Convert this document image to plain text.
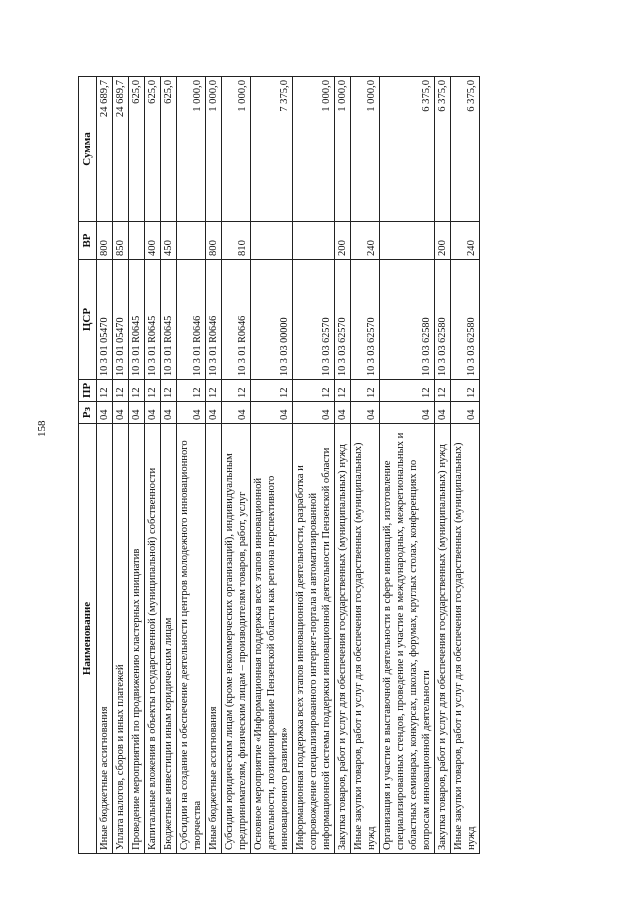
158
Наименование	Рз	ПР	ЦСР	ВР	Сумма
Иные бюджетные ассигнования	04	12	10 3 01 05470	800	24 689,7
Уплата налогов, сборов и иных платежей	04	12	10 3 01 05470	850	24 689,7
Проведение мероприятий по продвижению кластерных инициатив	04	12	10 3 01 R0645		625,0
Капитальные вложения в объекты государственной (муниципальной) собственности	04	12	10 3 01 R0645	400	625,0
Бюджетные инвестиции иным юридическим лицам	04	12	10 3 01 R0645	450	625,0
Субсидии на создание и обеспечение деятельности центров молодежного инновационного творчества	04	12	10 3 01 R0646		1 000,0
Иные бюджетные ассигнования	04	12	10 3 01 R0646	800	1 000,0
Субсидии юридическим лицам (кроме некоммерческих организаций), индивидуальным предпринимателям, физическим лицам – производителям товаров, работ, услуг	04	12	10 3 01 R0646	810	1 000,0
Основное мероприятие «Информационная поддержка всех этапов инновационной деятельности, позиционирование Пензенской области как региона перспективного инновационного развития»	04	12	10 3 03 00000		7 375,0
Информационная поддержка всех этапов инновационной деятельности, разработка и сопровождение специализированного интернет-портала и автоматизированной информационной системы поддержки инновационной деятельности Пензенской области	04	12	10 3 03 62570		1 000,0
Закупка товаров, работ и услуг для обеспечения государственных (муниципальных) нужд	04	12	10 3 03 62570	200	1 000,0
Иные закупки товаров, работ и услуг для обеспечения государственных (муниципальных) нужд	04	12	10 3 03 62570	240	1 000,0
Организация и участие в выставочной деятельности в сфере инноваций, изготовление специализированных стендов, проведение и участие в международных, межрегиональных и областных семинарах, конкурсах, школах, форумах, круглых столах, конференциях по вопросам инновационной деятельности	04	12	10 3 03 62580		6 375,0
Закупка товаров, работ и услуг для обеспечения государственных (муниципальных) нужд	04	12	10 3 03 62580	200	6 375,0
Иные закупки товаров, работ и услуг для обеспечения государственных (муниципальных) нужд	04	12	10 3 03 62580	240	6 375,0
